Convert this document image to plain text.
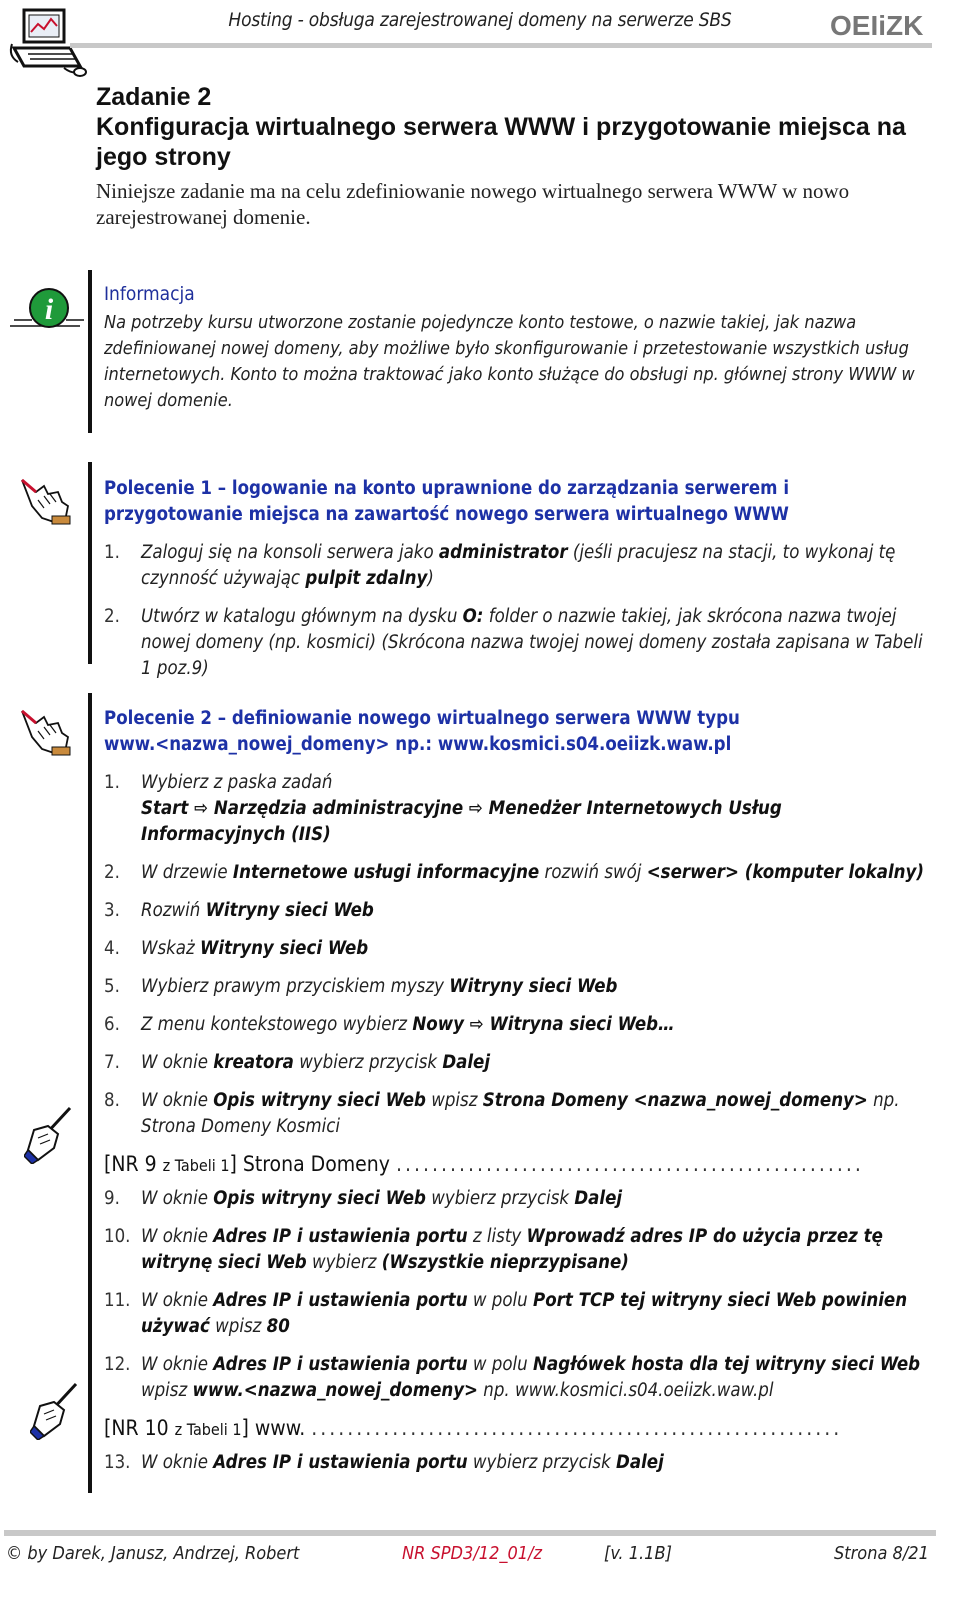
Hosting - obsługa zarejestrowanej domeny na serwerze SBS	OEIiZK
Zadanie 2
Konfiguracja wirtualnego serwera WWW i przygotowanie miejsca na jego strony
Niniejsze zadanie ma na celu zdefiniowanie nowego wirtualnego serwera WWW w nowo zarejestrowanej domenie.
i	Informacja

Na potrzeby kursu utworzone zostanie pojedyncze konto testowe, o nazwie takiej, jak nazwa zdefiniowanej nowej domeny, aby możliwe było skonfigurowanie i przetestowanie wszystkich usług internetowych. Konto to można traktować jako konto służące do obsługi np. głównej strony WWW w nowej domenie.

Polecenie 1 – logowanie na konto uprawnione do zarządzania serwerem i przygotowanie miejsca na zawartość nowego serwera wirtualnego WWW
1.	Zaloguj się na konsoli serwera jako administrator (jeśli pracujesz na stacji, to wykonaj tę czynność używając pulpit zdalny)
2.	Utwórz w katalogu głównym na dysku O: folder o nazwie takiej, jak skrócona nazwa twojej nowej domeny (np. kosmici) (Skrócona nazwa twojej nowej domeny została zapisana w Tabeli 1 poz.9)
Polecenie 2 – definiowanie nowego wirtualnego serwera WWW typu
www.<nazwa_nowej_domeny> np.: www.kosmici.s04.oeiizk.waw.pl
1.	Wybierz z paska zadań
Start ⇨ Narzędzia administracyjne ⇨ Menedżer Internetowych Usług Informacyjnych (IIS)
2.	W drzewie Internetowe usługi informacyjne rozwiń swój <serwer> (komputer lokalny)
3.	Rozwiń Witryny sieci Web
4.	Wskaż Witryny sieci Web
5.	Wybierz prawym przyciskiem myszy Witryny sieci Web
6.	Z menu kontekstowego wybierz Nowy ⇨ Witryna sieci Web…
7.	W oknie kreatora wybierz przycisk Dalej
8.	W oknie Opis witryny sieci Web wpisz Strona Domeny <nazwa_nowej_domeny> np. Strona Domeny Kosmici
[NR 9 z Tabeli 1] Strona Domeny ....................................................
9.	W oknie Opis witryny sieci Web wybierz przycisk Dalej
10. W oknie Adres IP i ustawienia portu z listy Wprowadź adres IP do użycia przez tę witrynę sieci Web wybierz (Wszystkie nieprzypisane)
11. W oknie Adres IP i ustawienia portu w polu Port TCP tej witryny sieci Web powinien używać wpisz 80
12. W oknie Adres IP i ustawienia portu w polu Nagłówek hosta dla tej witryny sieci Web wpisz www.<nazwa_nowej_domeny> np. www.kosmici.s04.oeiizk.waw.pl
[NR 10 z Tabeli 1] www. ...........................................................
13. W oknie Adres IP i ustawienia portu wybierz przycisk Dalej
© by Darek, Janusz, Andrzej, Robert	NR SPD3/12_01/z	[v. 1.1B]	Strona 8/21
